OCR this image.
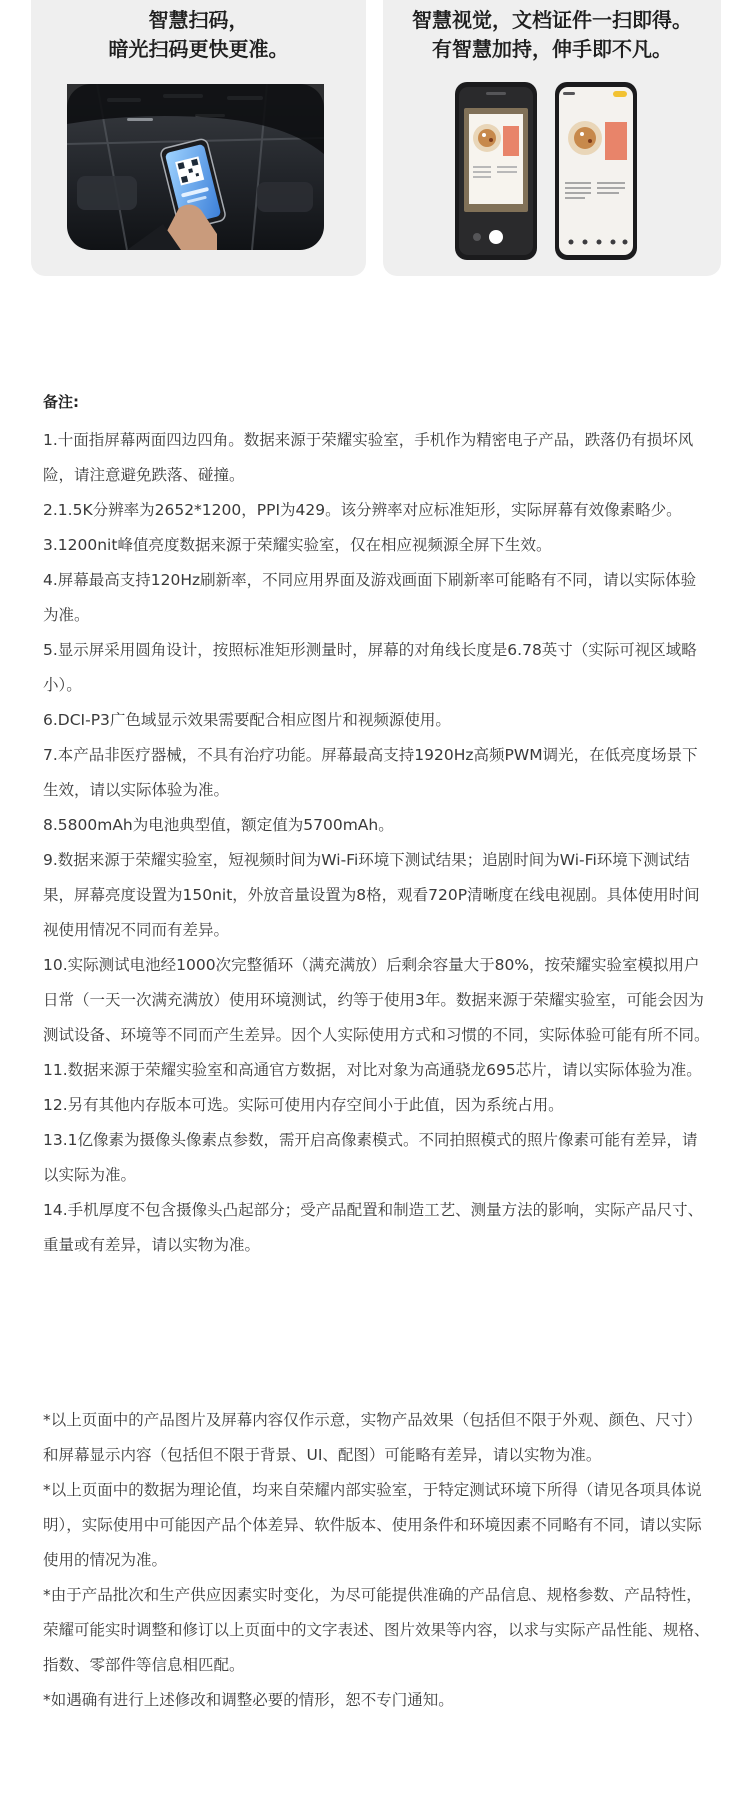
智慧扫码，
暗光扫码更快更准。
智慧视觉，文档证件一扫即得。
有智慧加持，伸手即不凡。

备注:

1.十面指屏幕两面四边四角。数据来源于荣耀实验室，手机作为精密电子产品，跌落仍有损坏风险，请注意避免跌落、碰撞。

2.1.5K分辨率为2652*1200，PPI为429。该分辨率对应标准矩形，实际屏幕有效像素略少。

3.1200nit峰值亮度数据来源于荣耀实验室，仅在相应视频源全屏下生效。

4.屏幕最高支持120Hz刷新率，不同应用界面及游戏画面下刷新率可能略有不同，请以实际体验为准。

5.显示屏采用圆角设计，按照标准矩形测量时，屏幕的对角线长度是6.78英寸（实际可视区域略小）。

6.DCI-P3广色域显示效果需要配合相应图片和视频源使用。

7.本产品非医疗器械，不具有治疗功能。屏幕最高支持1920Hz高频PWM调光，在低亮度场景下生效，请以实际体验为准。

8.5800mAh为电池典型值，额定值为5700mAh。

9.数据来源于荣耀实验室，短视频时间为Wi-Fi环境下测试结果；追剧时间为Wi-Fi环境下测试结果，屏幕亮度设置为150nit，外放音量设置为8格，观看720P清晰度在线电视剧。具体使用时间视使用情况不同而有差异。

10.实际测试电池经1000次完整循环（满充满放）后剩余容量大于80%，按荣耀实验室模拟用户日常（一天一次满充满放）使用环境测试，约等于使用3年。数据来源于荣耀实验室，可能会因为测试设备、环境等不同而产生差异。因个人实际使用方式和习惯的不同，实际体验可能有所不同。

11.数据来源于荣耀实验室和高通官方数据，对比对象为高通骁龙695芯片，请以实际体验为准。

12.另有其他内存版本可选。实际可使用内存空间小于此值，因为系统占用。

13.1亿像素为摄像头像素点参数，需开启高像素模式。不同拍照模式的照片像素可能有差异，请以实际为准。

14.手机厚度不包含摄像头凸起部分；受产品配置和制造工艺、测量方法的影响，实际产品尺寸、重量或有差异，请以实物为准。

*以上页面中的产品图片及屏幕内容仅作示意，实物产品效果（包括但不限于外观、颜色、尺寸）和屏幕显示内容（包括但不限于背景、UI、配图）可能略有差异，请以实物为准。

*以上页面中的数据为理论值，均来自荣耀内部实验室，于特定测试环境下所得（请见各项具体说明），实际使用中可能因产品个体差异、软件版本、使用条件和环境因素不同略有不同，请以实际使用的情况为准。

*由于产品批次和生产供应因素实时变化，为尽可能提供准确的产品信息、规格参数、产品特性，荣耀可能实时调整和修订以上页面中的文字表述、图片效果等内容，以求与实际产品性能、规格、指数、零部件等信息相匹配。

*如遇确有进行上述修改和调整必要的情形，恕不专门通知。
